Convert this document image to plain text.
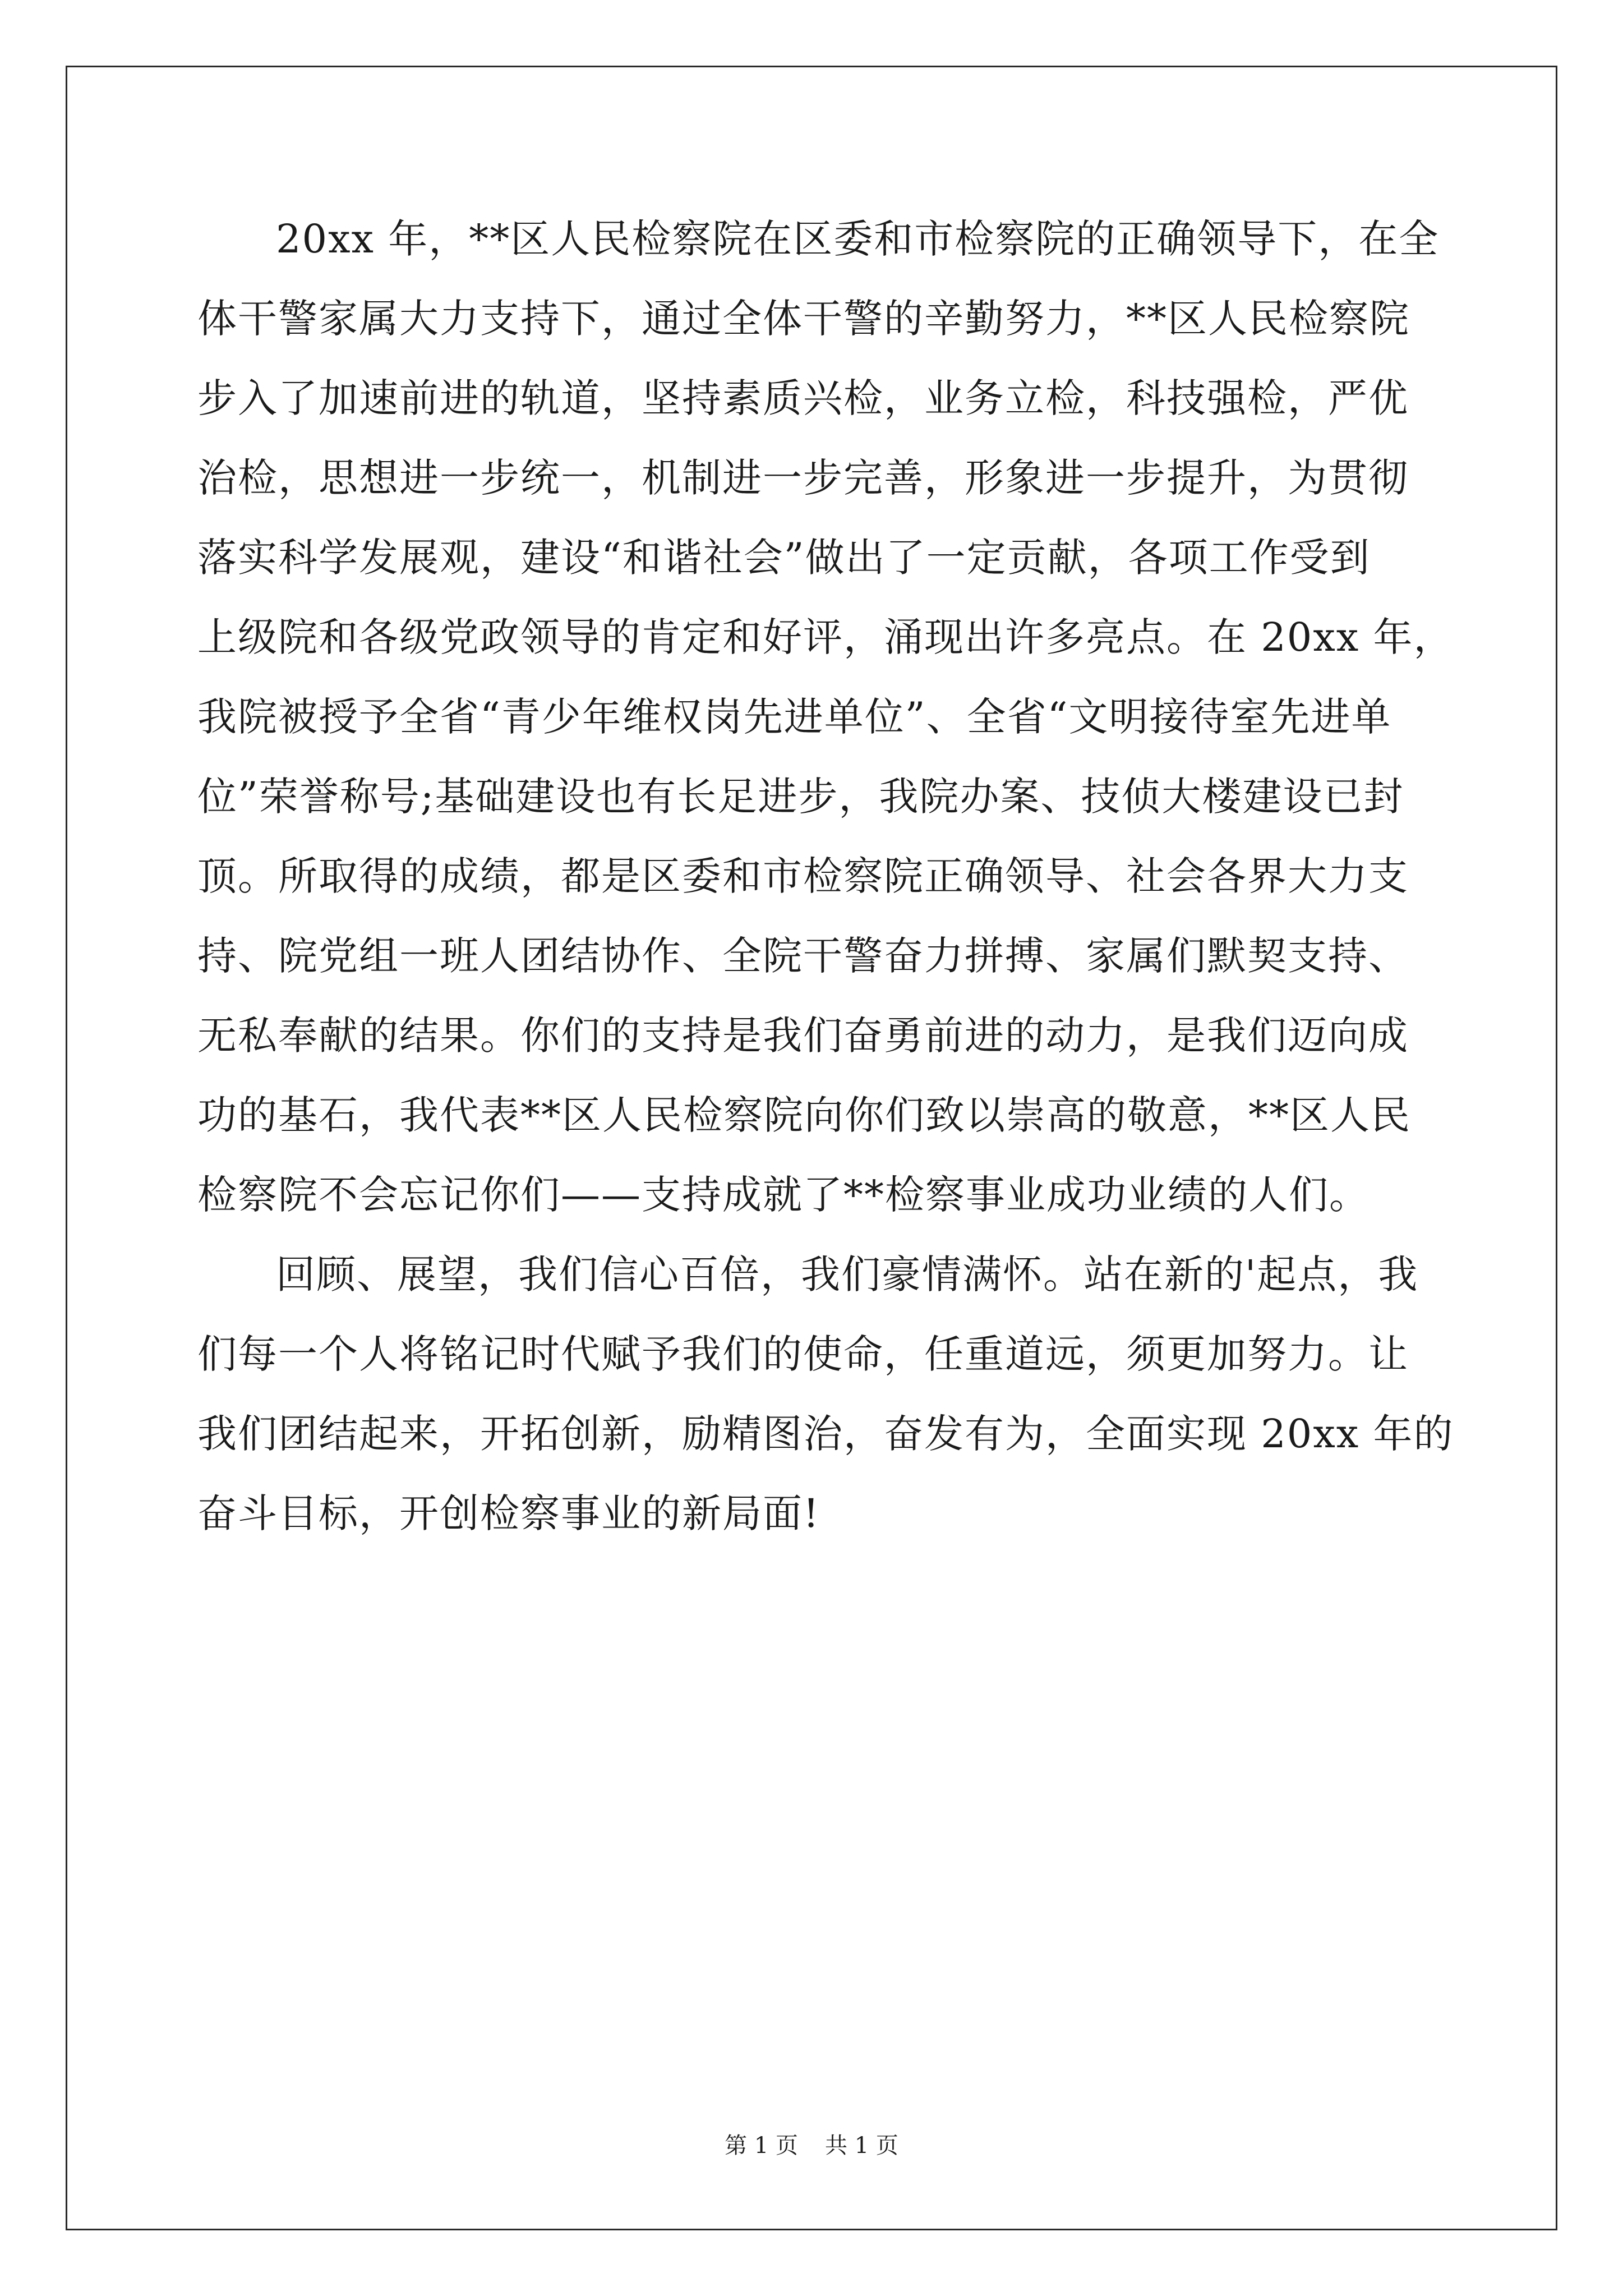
20xx 年，**区人民检察院在区委和市检察院的正确领导下，在全
体干警家属大力支持下，通过全体干警的辛勤努力，**区人民检察院
步入了加速前进的轨道，坚持素质兴检，业务立检，科技强检，严优
治检，思想进一步统一，机制进一步完善，形象进一步提升，为贯彻
落实科学发展观，建设“和谐社会”做出了一定贡献，各项工作受到
上级院和各级党政领导的肯定和好评，涌现出许多亮点。在 20xx 年，
我院被授予全省“青少年维权岗先进单位”、全省“文明接待室先进单
位”荣誉称号;基础建设也有长足进步，我院办案、技侦大楼建设已封
顶。所取得的成绩，都是区委和市检察院正确领导、社会各界大力支
持、院党组一班人团结协作、全院干警奋力拼搏、家属们默契支持、
无私奉献的结果。你们的支持是我们奋勇前进的动力，是我们迈向成
功的基石，我代表**区人民检察院向你们致以崇高的敬意，**区人民
检察院不会忘记你们——支持成就了**检察事业成功业绩的人们。
回顾、展望，我们信心百倍，我们豪情满怀。站在新的'起点，我
们每一个人将铭记时代赋予我们的使命，任重道远，须更加努力。让
我们团结起来，开拓创新，励精图治，奋发有为，全面实现 20xx 年的
奋斗目标，开创检察事业的新局面!
第 1 页 共 1 页
